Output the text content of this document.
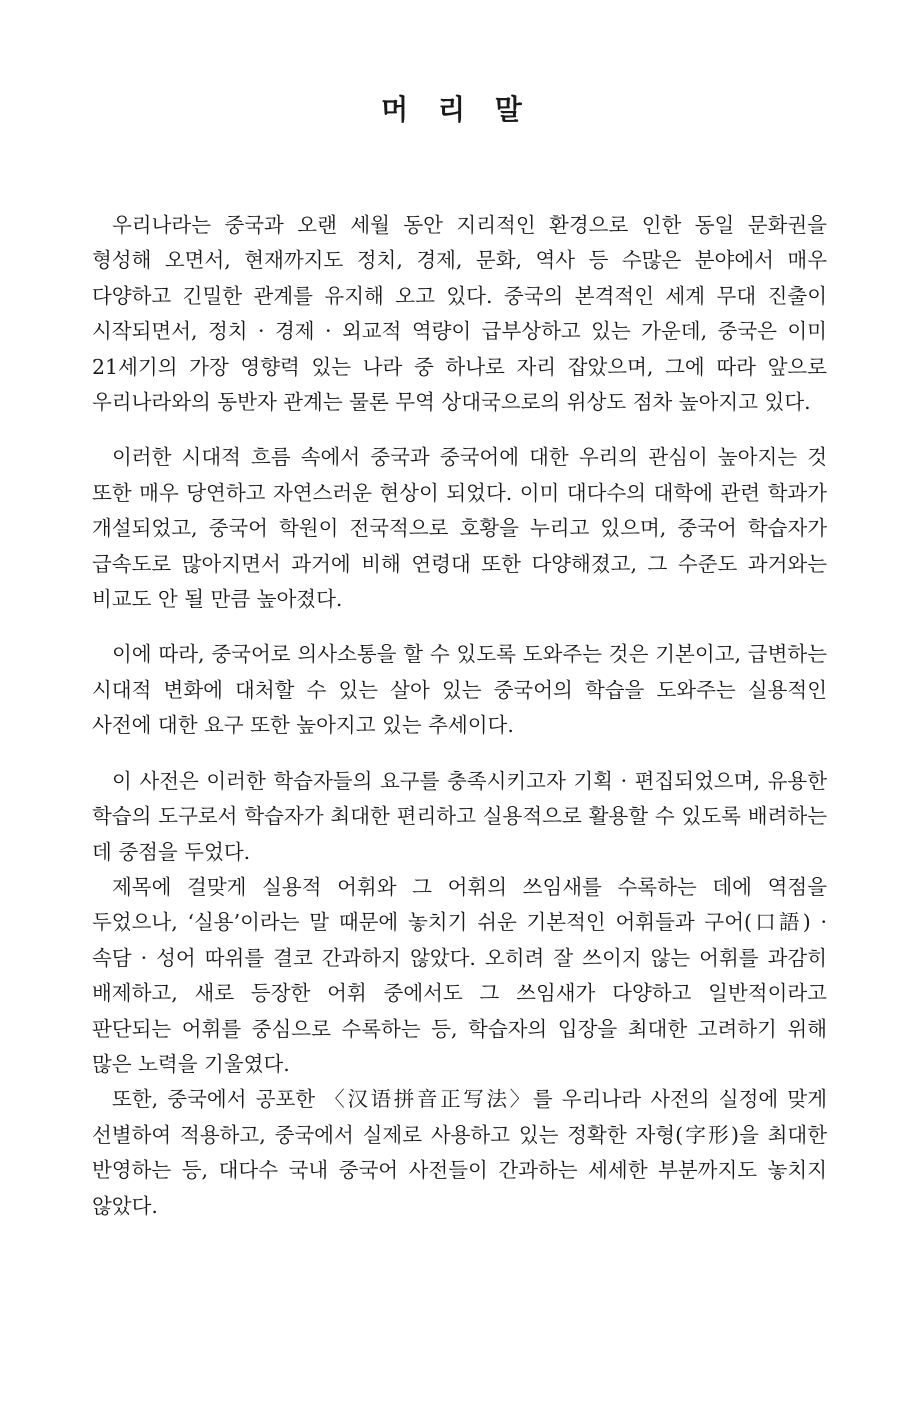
머 리 말

우리나라는 중국과 오랜 세월 동안 지리적인 환경으로 인한 동일 문화권을 형성해 오면서, 현재까지도 정치, 경제, 문화, 역사 등 수많은 분야에서 매우 다양하고 긴밀한 관계를 유지해 오고 있다. 중국의 본격적인 세계 무대 진출이 시작되면서, 정치 · 경제 · 외교적 역량이 급부상하고 있는 가운데, 중국은 이미 21세기의 가장 영향력 있는 나라 중 하나로 자리 잡았으며, 그에 따라 앞으로 우리나라와의 동반자 관계는 물론 무역 상대국으로의 위상도 점차 높아지고 있다.

이러한 시대적 흐름 속에서 중국과 중국어에 대한 우리의 관심이 높아지는 것 또한 매우 당연하고 자연스러운 현상이 되었다. 이미 대다수의 대학에 관련 학과가 개설되었고, 중국어 학원이 전국적으로 호황을 누리고 있으며, 중국어 학습자가 급속도로 많아지면서 과거에 비해 연령대 또한 다양해졌고, 그 수준도 과거와는 비교도 안 될 만큼 높아졌다.

이에 따라, 중국어로 의사소통을 할 수 있도록 도와주는 것은 기본이고, 급변하는 시대적 변화에 대처할 수 있는 살아 있는 중국어의 학습을 도와주는 실용적인 사전에 대한 요구 또한 높아지고 있는 추세이다.

이 사전은 이러한 학습자들의 요구를 충족시키고자 기획 · 편집되었으며, 유용한 학습의 도구로서 학습자가 최대한 편리하고 실용적으로 활용할 수 있도록 배려하는 데 중점을 두었다.

제목에 걸맞게 실용적 어휘와 그 어휘의 쓰임새를 수록하는 데에 역점을 두었으나, ‘실용’이라는 말 때문에 놓치기 쉬운 기본적인 어휘들과 구어(口語) · 속담 · 성어 따위를 결코 간과하지 않았다. 오히려 잘 쓰이지 않는 어휘를 과감히 배제하고, 새로 등장한 어휘 중에서도 그 쓰임새가 다양하고 일반적이라고 판단되는 어휘를 중심으로 수록하는 등, 학습자의 입장을 최대한 고려하기 위해 많은 노력을 기울였다.

또한, 중국에서 공포한 〈汉语拼音正写法〉를 우리나라 사전의 실정에 맞게 선별하여 적용하고, 중국에서 실제로 사용하고 있는 정확한 자형(字形)을 최대한 반영하는 등, 대다수 국내 중국어 사전들이 간과하는 세세한 부분까지도 놓치지 않았다.
